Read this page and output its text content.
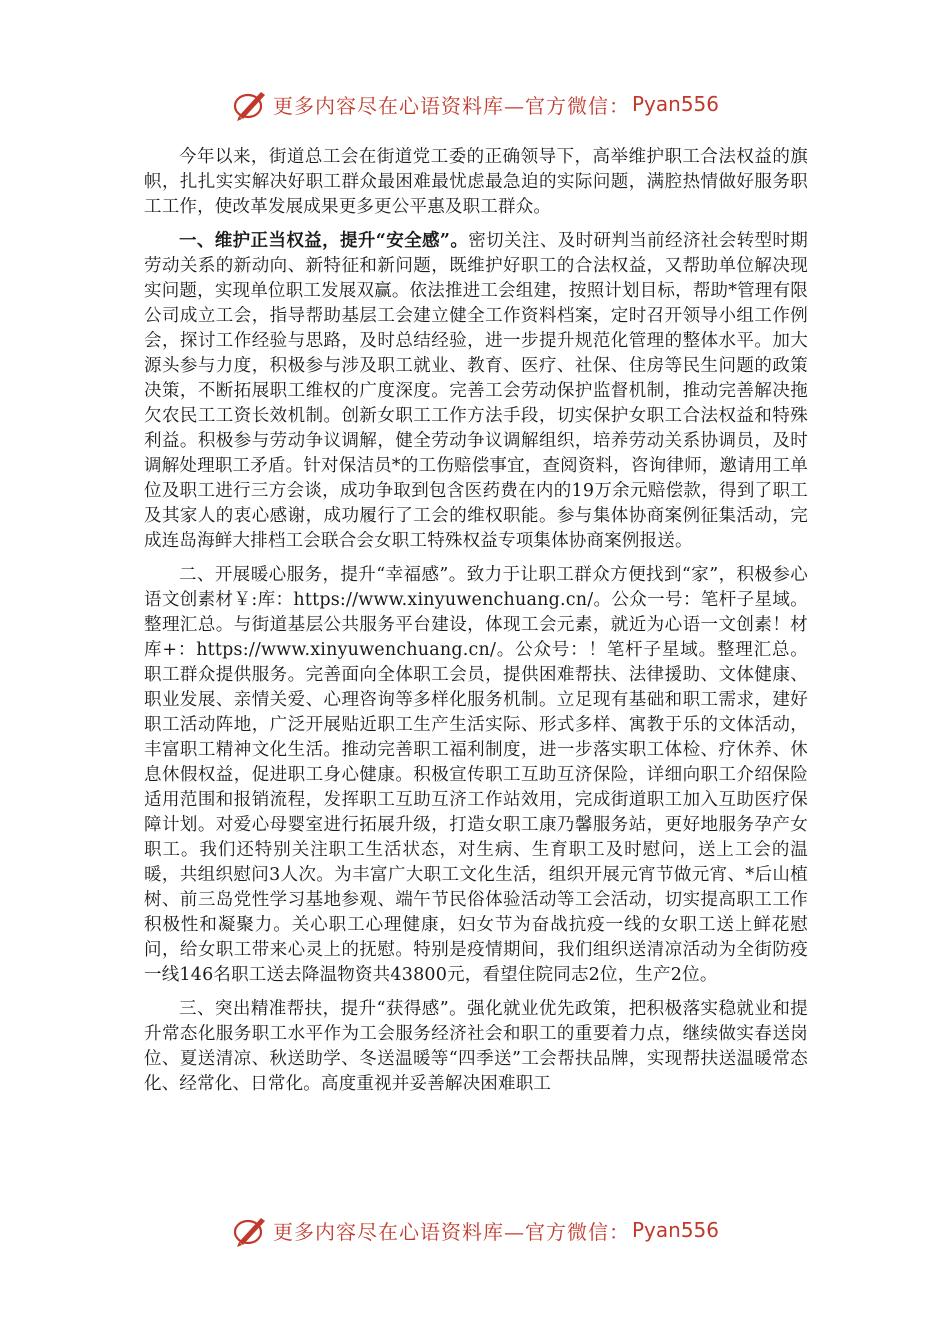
更多内容尽在心语资料库—官方微信： Pyan556

今年以来，街道总工会在街道党工委的正确领导下，高举维护职工合法权益的旗帜，扎扎实实解决好职工群众最困难最忧虑最急迫的实际问题，满腔热情做好服务职工工作，使改革发展成果更多更公平惠及职工群众。

一、维护正当权益，提升“安全感”。密切关注、及时研判当前经济社会转型时期劳动关系的新动向、新特征和新问题，既维护好职工的合法权益，又帮助单位解决现实问题，实现单位职工发展双赢。依法推进工会组建，按照计划目标，帮助*管理有限公司成立工会，指导帮助基层工会建立健全工作资料档案，定时召开领导小组工作例会，探讨工作经验与思路，及时总结经验，进一步提升规范化管理的整体水平。加大源头参与力度，积极参与涉及职工就业、教育、医疗、社保、住房等民生问题的政策决策，不断拓展职工维权的广度深度。完善工会劳动保护监督机制，推动完善解决拖欠农民工工资长效机制。创新女职工工作方法手段，切实保护女职工合法权益和特殊利益。积极参与劳动争议调解，健全劳动争议调解组织，培养劳动关系协调员，及时调解处理职工矛盾。针对保洁员*的工伤赔偿事宜，查阅资料，咨询律师，邀请用工单位及职工进行三方会谈，成功争取到包含医药费在内的19万余元赔偿款，得到了职工及其家人的衷心感谢，成功履行了工会的维权职能。参与集体协商案例征集活动，完成连岛海鲜大排档工会联合会女职工特殊权益专项集体协商案例报送。

二、开展暖心服务，提升“幸福感”。致力于让职工群众方便找到“家”，积极参心语文创素材￥:库：https://www.xinyuwenchuang.cn/。公众一号：笔杆子星域。整理汇总。与街道基层公共服务平台建设，体现工会元素，就近为心语一文创素！材库+：https://www.xinyuwenchuang.cn/。公众号：！笔杆子星域。整理汇总。职工群众提供服务。完善面向全体职工会员，提供困难帮扶、法律援助、文体健康、职业发展、亲情关爱、心理咨询等多样化服务机制。立足现有基础和职工需求，建好职工活动阵地，广泛开展贴近职工生产生活实际、形式多样、寓教于乐的文体活动，丰富职工精神文化生活。推动完善职工福利制度，进一步落实职工体检、疗休养、休息休假权益，促进职工身心健康。积极宣传职工互助互济保险，详细向职工介绍保险适用范围和报销流程，发挥职工互助互济工作站效用，完成街道职工加入互助医疗保障计划。对爱心母婴室进行拓展升级，打造女职工康乃馨服务站，更好地服务孕产女职工。我们还特别关注职工生活状态，对生病、生育职工及时慰问，送上工会的温暖，共组织慰问3人次。为丰富广大职工文化生活，组织开展元宵节做元宵、*后山植树、前三岛党性学习基地参观、端午节民俗体验活动等工会活动，切实提高职工工作积极性和凝聚力。关心职工心理健康，妇女节为奋战抗疫一线的女职工送上鲜花慰问，给女职工带来心灵上的抚慰。特别是疫情期间，我们组织送清凉活动为全街防疫一线146名职工送去降温物资共43800元，看望住院同志2位，生产2位。

三、突出精准帮扶，提升“获得感”。强化就业优先政策，把积极落实稳就业和提升常态化服务职工水平作为工会服务经济社会和职工的重要着力点，继续做实春送岗位、夏送清凉、秋送助学、冬送温暖等“四季送”工会帮扶品牌，实现帮扶送温暖常态化、经常化、日常化。高度重视并妥善解决困难职工

更多内容尽在心语资料库—官方微信： Pyan556
